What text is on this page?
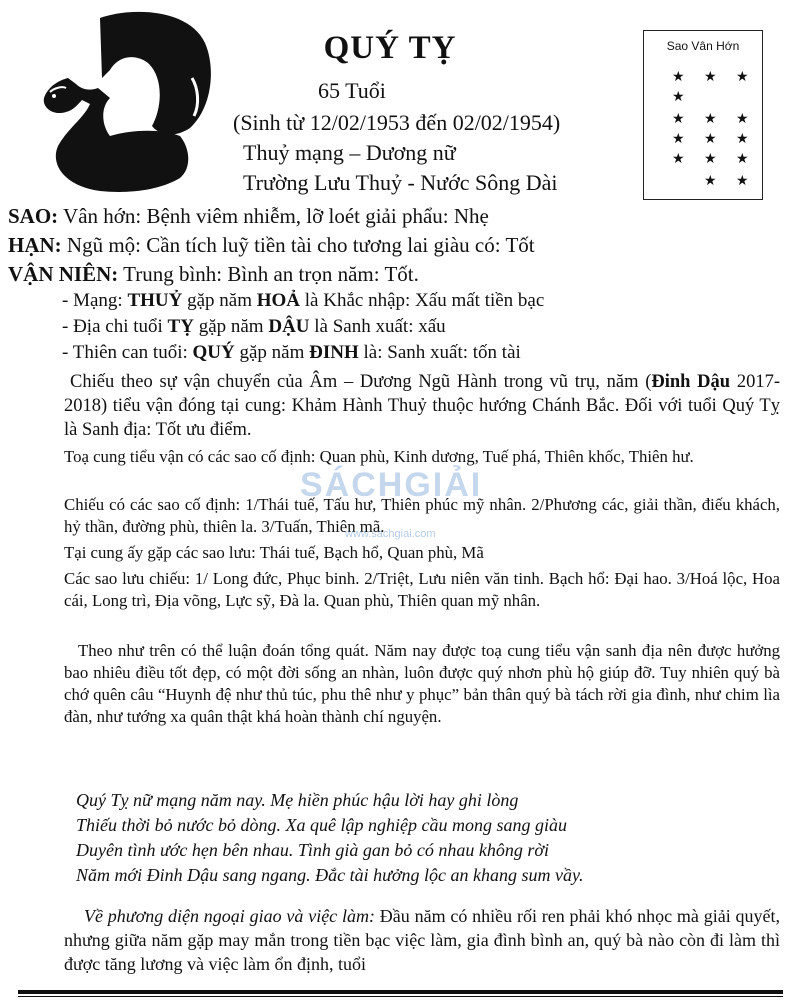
QUÝ TỴ
65 Tuổi
(Sinh từ 12/02/1953 đến 02/02/1954)
Thuỷ mạng – Dương nữ
Trường Lưu Thuỷ - Nước Sông Dài
Sao Vân Hớn
★ ★ ★
★
★ ★ ★
★ ★ ★
★ ★ ★
★ ★
SAO: Vân hớn: Bệnh viêm nhiễm, lỡ loét giải phẩu: Nhẹ
HẠN: Ngũ mộ: Cần tích luỹ tiền tài cho tương lai giàu có: Tốt
VẬN NIÊN: Trung bình: Bình an trọn năm: Tốt.
- Mạng: THUỶ gặp năm HOẢ là Khắc nhập: Xấu mất tiền bạc
- Địa chi tuổi TỴ gặp năm DẬU là Sanh xuất: xấu
- Thiên can tuổi: QUÝ gặp năm ĐINH là: Sanh xuất: tốn tài

Chiếu theo sự vận chuyển của Âm – Dương Ngũ Hành trong vũ trụ, năm (Đinh Dậu 2017-2018) tiểu vận đóng tại cung: Khảm Hành Thuỷ thuộc hướng Chánh Bắc. Đối với tuổi Quý Tỵ là Sanh địa: Tốt ưu điểm.

Toạ cung tiểu vận có các sao cố định: Quan phù, Kinh dương, Tuế phá, Thiên khốc, Thiên hư.

Chiếu có các sao cố định: 1/Thái tuế, Tấu hư, Thiên phúc mỹ nhân. 2/Phương các, giải thần, điếu khách, hỷ thần, đường phù, thiên la. 3/Tuấn, Thiên mã.

Tại cung ấy gặp các sao lưu: Thái tuế, Bạch hổ, Quan phù, Mã

Các sao lưu chiếu: 1/ Long đức, Phục binh. 2/Triệt, Lưu niên văn tinh. Bạch hổ: Đại hao. 3/Hoá lộc, Hoa cái, Long trì, Địa võng, Lực sỹ, Đà la. Quan phù, Thiên quan mỹ nhân.

Theo như trên có thể luận đoán tổng quát. Năm nay được toạ cung tiểu vận sanh địa nên được hưởng bao nhiêu điều tốt đẹp, có một đời sống an nhàn, luôn được quý nhơn phù hộ giúp đỡ. Tuy nhiên quý bà chớ quên câu “Huynh đệ như thủ túc, phu thê như y phục” bản thân quý bà tách rời gia đình, như chim lìa đàn, như tướng xa quân thật khá hoàn thành chí nguyện.

SÁCHGIẢI
www.sachgiai.com
Quý Tỵ nữ mạng năm nay. Mẹ hiền phúc hậu lời hay ghi lòng
Thiếu thời bỏ nước bỏ dòng. Xa quê lập nghiệp cầu mong sang giàu
Duyên tình ước hẹn bên nhau. Tình già gan bỏ có nhau không rời
Năm mới Đinh Dậu sang ngang. Đắc tài hưởng lộc an khang sum vầy.

Về phương diện ngoại giao và việc làm: Đầu năm có nhiều rối ren phải khó nhọc mà giải quyết, nhưng giữa năm gặp may mắn trong tiền bạc việc làm, gia đình bình an, quý bà nào còn đi làm thì được tăng lương và việc làm ổn định, tuổi
